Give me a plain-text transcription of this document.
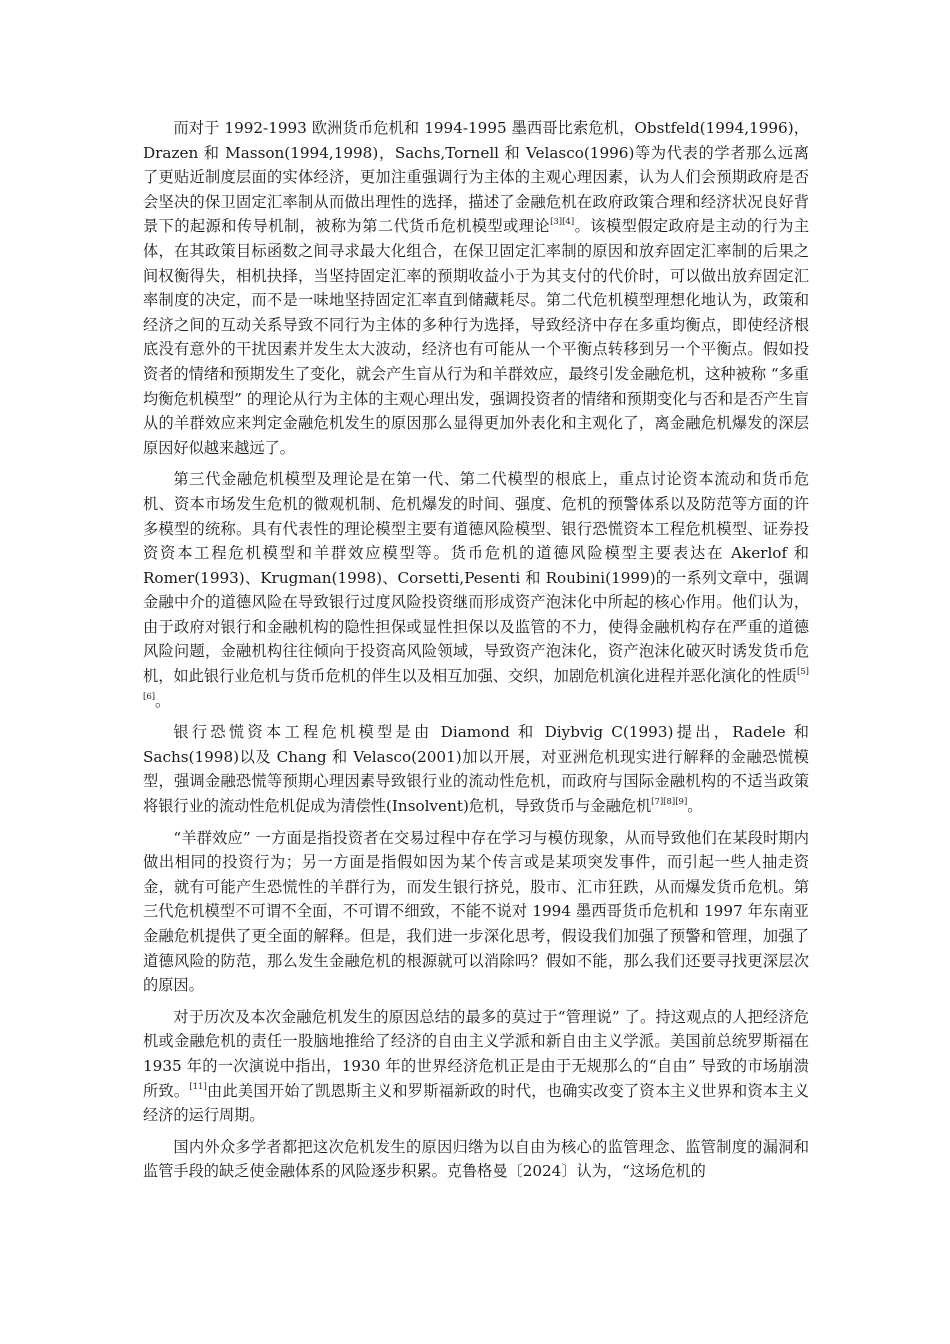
而对于 1992-1993 欧洲货币危机和 1994-1995 墨西哥比索危机，Obstfeld(1994,1996)，Drazen 和 Masson(1994,1998)，Sachs,Tornell 和 Velasco(1996)等为代表的学者那么远离了更贴近制度层面的实体经济，更加注重强调行为主体的主观心理因素，认为人们会预期政府是否会坚决的保卫固定汇率制从而做出理性的选择，描述了金融危机在政府政策合理和经济状况良好背景下的起源和传导机制，被称为第二代货币危机模型或理论[3][4]。该模型假定政府是主动的行为主体，在其政策目标函数之间寻求最大化组合，在保卫固定汇率制的原因和放弃固定汇率制的后果之间权衡得失，相机抉择，当坚持固定汇率的预期收益小于为其支付的代价时，可以做出放弃固定汇率制度的决定，而不是一味地坚持固定汇率直到储藏耗尽。第二代危机模型理想化地认为，政策和经济之间的互动关系导致不同行为主体的多种行为选择，导致经济中存在多重均衡点，即使经济根底没有意外的干扰因素并发生太大波动，经济也有可能从一个平衡点转移到另一个平衡点。假如投资者的情绪和预期发生了变化，就会产生盲从行为和羊群效应，最终引发金融危机，这种被称 “多重均衡危机模型” 的理论从行为主体的主观心理出发，强调投资者的情绪和预期变化与否和是否产生盲从的羊群效应来判定金融危机发生的原因那么显得更加外表化和主观化了，离金融危机爆发的深层原因好似越来越远了。

第三代金融危机模型及理论是在第一代、第二代模型的根底上，重点讨论资本流动和货币危机、资本市场发生危机的微观机制、危机爆发的时间、强度、危机的预警体系以及防范等方面的许多模型的统称。具有代表性的理论模型主要有道德风险模型、银行恐慌资本工程危机模型、证券投资资本工程危机模型和羊群效应模型等。货币危机的道德风险模型主要表达在 Akerlof 和 Romer(1993)、Krugman(1998)、Corsetti,Pesenti 和 Roubini(1999)的一系列文章中，强调金融中介的道德风险在导致银行过度风险投资继而形成资产泡沫化中所起的核心作用。他们认为，由于政府对银行和金融机构的隐性担保或显性担保以及监管的不力，使得金融机构存在严重的道德风险问题，金融机构往往倾向于投资高风险领域，导致资产泡沫化，资产泡沫化破灭时诱发货币危机，如此银行业危机与货币危机的伴生以及相互加强、交织，加剧危机演化进程并恶化演化的性质[5][6]。

银行恐慌资本工程危机模型是由 Diamond 和 Diybvig C(1993)提出，Radele 和 Sachs(1998)以及 Chang 和 Velasco(2001)加以开展，对亚洲危机现实进行解释的金融恐慌模型，强调金融恐慌等预期心理因素导致银行业的流动性危机，而政府与国际金融机构的不适当政策将银行业的流动性危机促成为清偿性(Insolvent)危机，导致货币与金融危机[7][8][9]。

“羊群效应” 一方面是指投资者在交易过程中存在学习与模仿现象，从而导致他们在某段时期内做出相同的投资行为；另一方面是指假如因为某个传言或是某项突发事件，而引起一些人抽走资金，就有可能产生恐慌性的羊群行为，而发生银行挤兑，股市、汇市狂跌，从而爆发货币危机。第三代危机模型不可谓不全面，不可谓不细致，不能不说对 1994 墨西哥货币危机和 1997 年东南亚金融危机提供了更全面的解释。但是，我们进一步深化思考，假设我们加强了预警和管理，加强了道德风险的防范，那么发生金融危机的根源就可以消除吗？假如不能，那么我们还要寻找更深层次的原因。

对于历次及本次金融危机发生的原因总结的最多的莫过于“管理说” 了。持这观点的人把经济危机或金融危机的责任一股脑地推给了经济的自由主义学派和新自由主义学派。美国前总统罗斯福在 1935 年的一次演说中指出，1930 年的世界经济危机正是由于无规那么的“自由” 导致的市场崩溃所致。[11]由此美国开始了凯恩斯主义和罗斯福新政的时代，也确实改变了资本主义世界和资本主义经济的运行周期。

国内外众多学者都把这次危机发生的原因归绺为以自由为核心的监管理念、监管制度的漏洞和监管手段的缺乏使金融体系的风险逐步积累。克鲁格曼〔2024〕认为，“这场危机的
